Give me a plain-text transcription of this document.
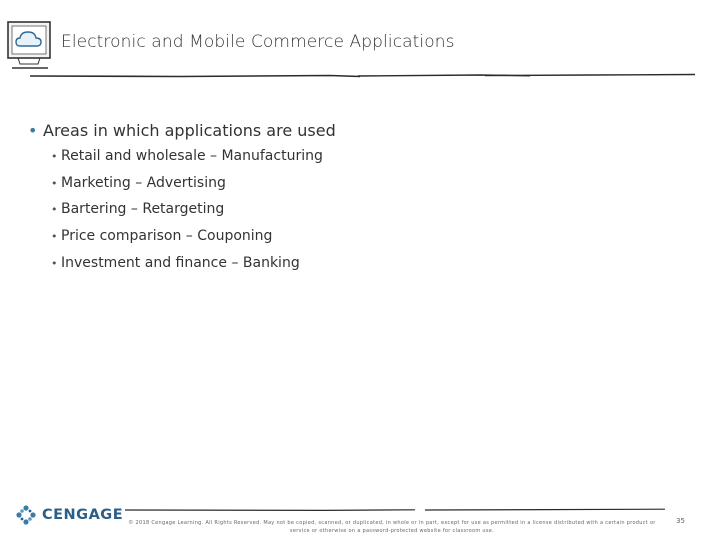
Electronic and Mobile Commerce Applications
• Areas in which applications are used
• Retail and wholesale – Manufacturing
• Marketing – Advertising
• Bartering – Retargeting
• Price comparison – Couponing
• Investment and finance – Banking
CENGAGE © 2018 Cengage Learning. All Rights Reserved. May not be copied, scanned, or duplicated, in whole or in part, except for use as permitted in a license distributed with a certain product or service or otherwise on a password-protected website for classroom use.
35
